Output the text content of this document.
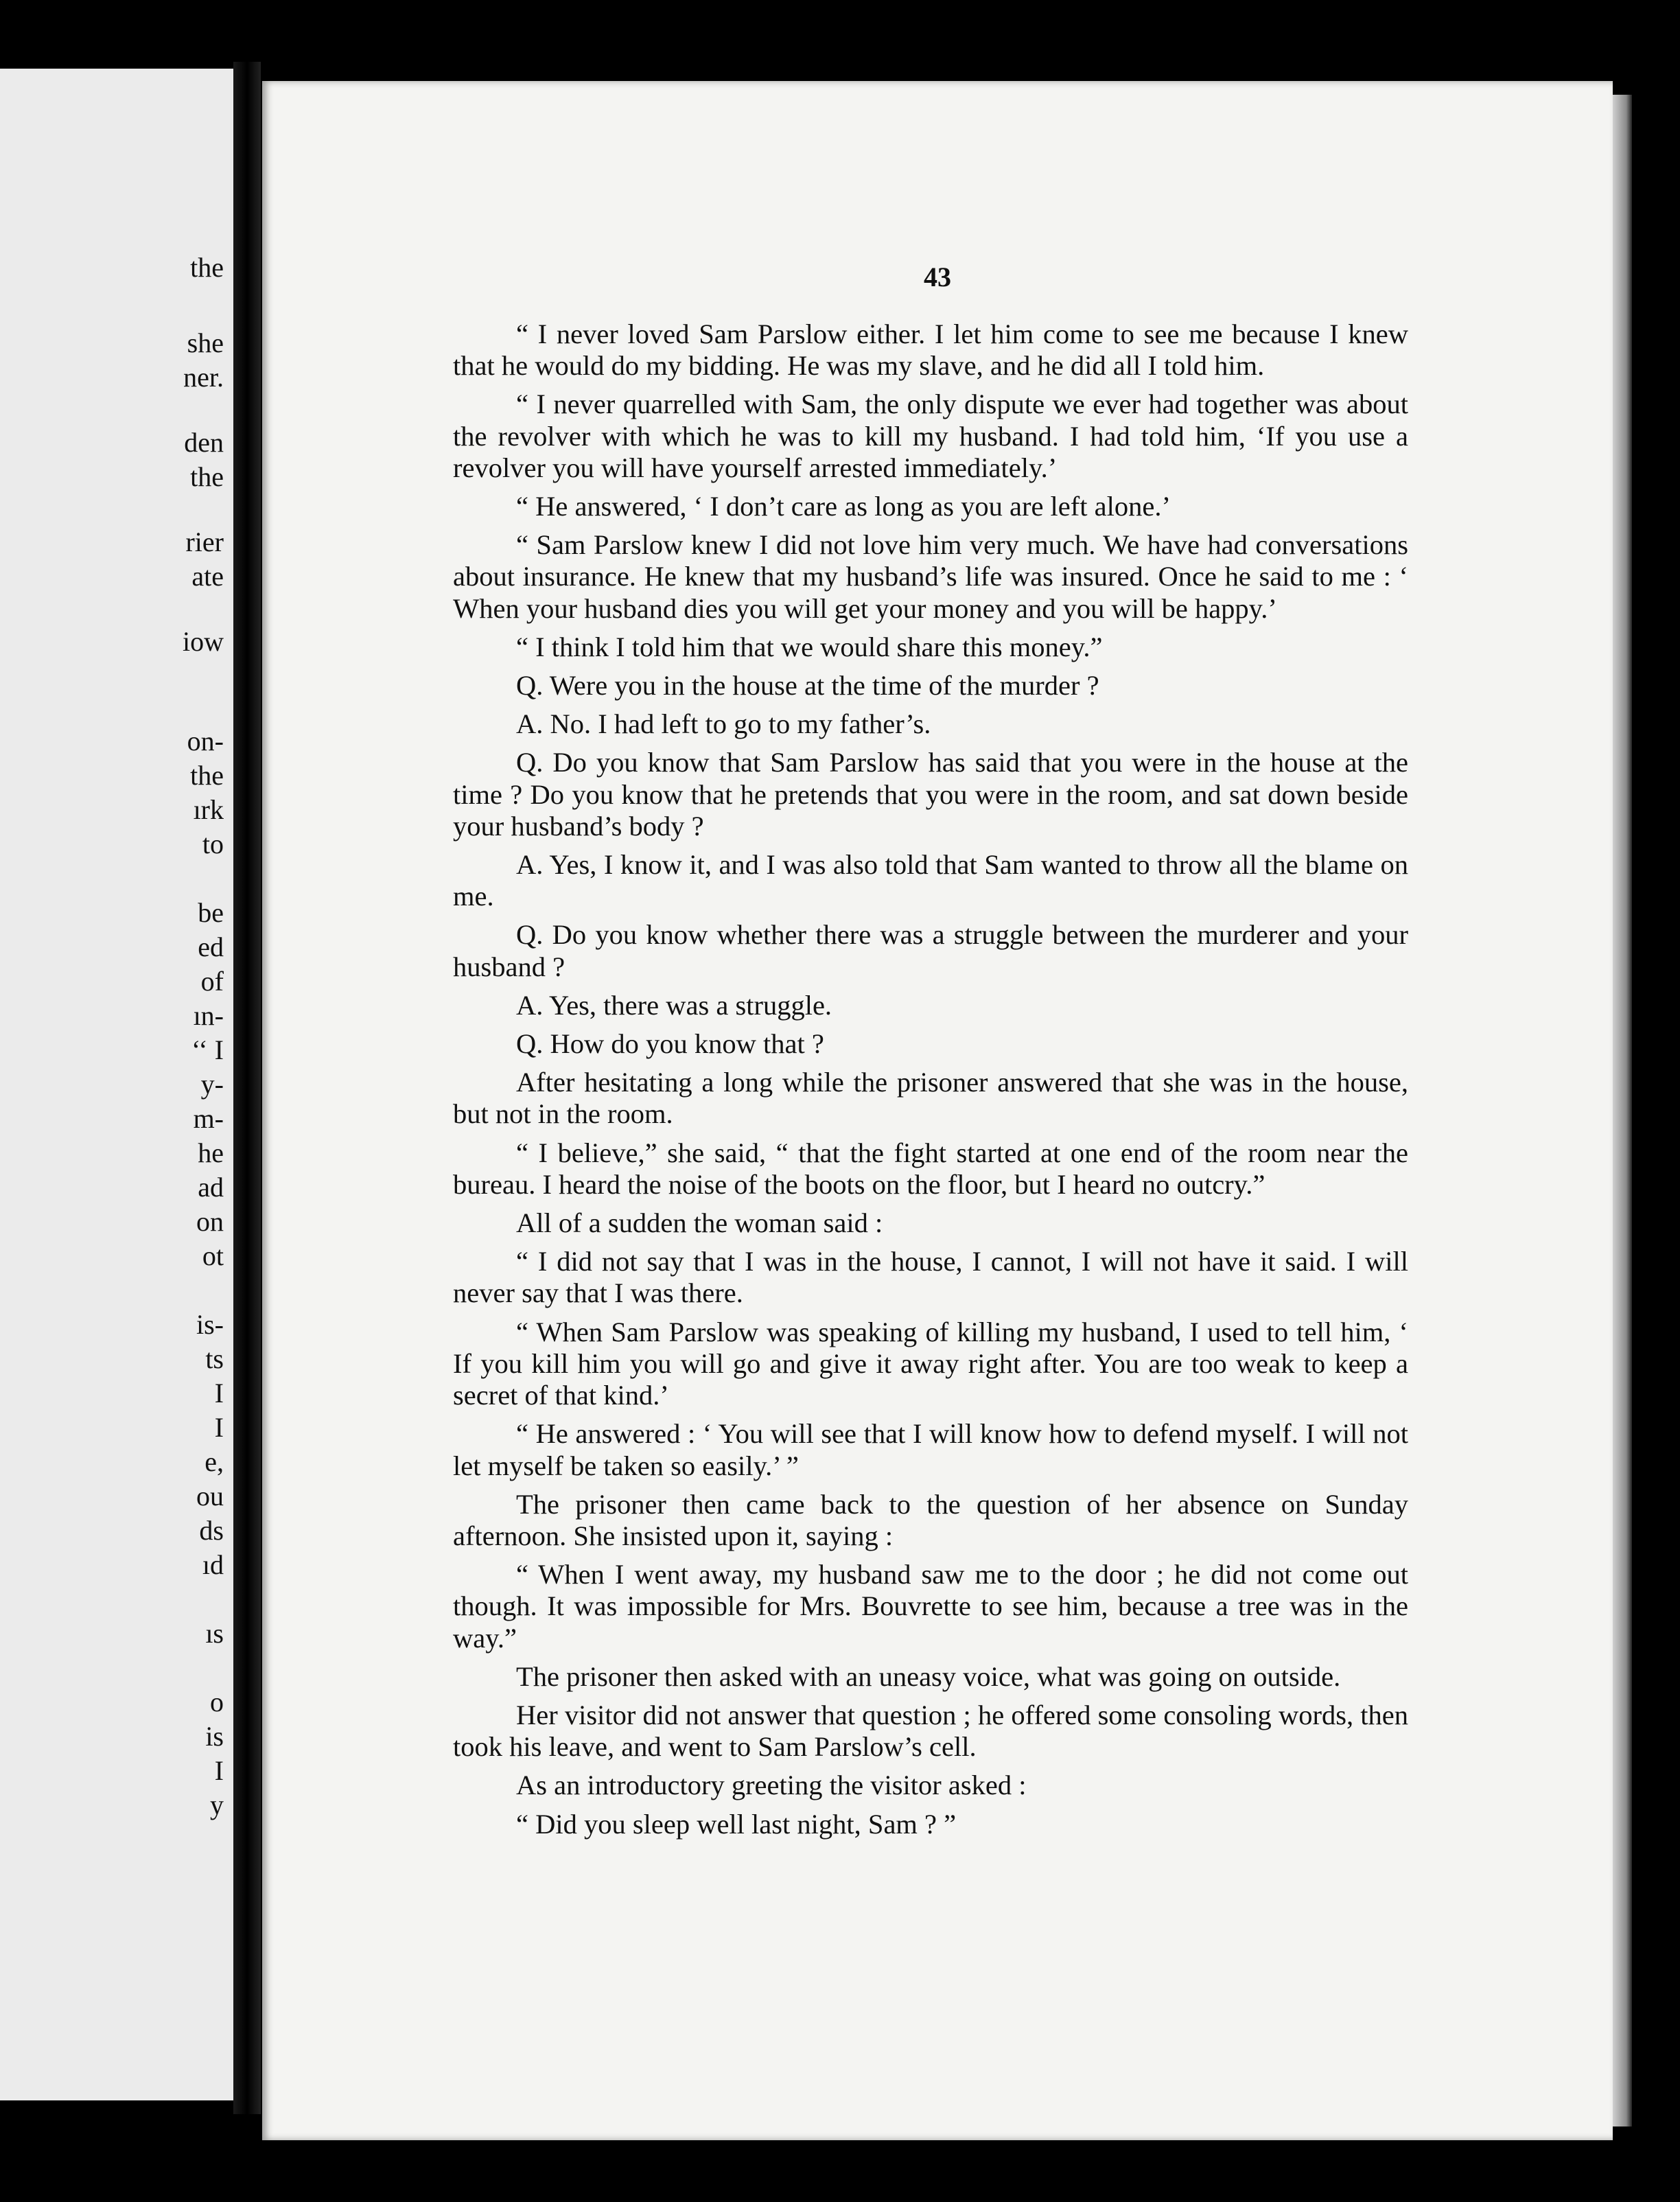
the
she
ner.
den
the
rier
ate
iow
on-
the
ırk
to
be
ed
of
ın-
‘‘ I
y-
m-
he
ad
on
ot
is-
ts
I
I
e,
ou
ds
ıd
ıs
o
is
I
y
43

“ I never loved Sam Parslow either. I let him come to see me because I knew that he would do my bidding. He was my slave, and he did all I told him.

“ I never quarrelled with Sam, the only dispute we ever had together was about the revolver with which he was to kill my husband. I had told him, ‘If you use a revolver you will have yourself arrested immediately.’

“ He answered, ‘ I don’t care as long as you are left alone.’

“ Sam Parslow knew I did not love him very much. We have had conversations about insurance. He knew that my husband’s life was insured. Once he said to me : ‘ When your husband dies you will get your money and you will be happy.’

“ I think I told him that we would share this money.”

Q. Were you in the house at the time of the murder ?

A. No. I had left to go to my father’s.

Q. Do you know that Sam Parslow has said that you were in the house at the time ? Do you know that he pretends that you were in the room, and sat down beside your husband’s body ?

A. Yes, I know it, and I was also told that Sam wanted to throw all the blame on me.

Q. Do you know whether there was a struggle between the murderer and your husband ?

A. Yes, there was a struggle.

Q. How do you know that ?

After hesitating a long while the prisoner answered that she was in the house, but not in the room.

“ I believe,” she said, “ that the fight started at one end of the room near the bureau. I heard the noise of the boots on the floor, but I heard no outcry.”

All of a sudden the woman said :

“ I did not say that I was in the house, I cannot, I will not have it said. I will never say that I was there.

“ When Sam Parslow was speaking of killing my husband, I used to tell him, ‘ If you kill him you will go and give it away right after. You are too weak to keep a secret of that kind.’

“ He answered : ‘ You will see that I will know how to defend myself. I will not let myself be taken so easily.’ ”

The prisoner then came back to the question of her absence on Sunday afternoon. She insisted upon it, saying :

“ When I went away, my husband saw me to the door ; he did not come out though. It was impossible for Mrs. Bouvrette to see him, because a tree was in the way.”

The prisoner then asked with an uneasy voice, what was going on outside.

Her visitor did not answer that question ; he offered some consoling words, then took his leave, and went to Sam Parslow’s cell.

As an introductory greeting the visitor asked :

“ Did you sleep well last night, Sam ? ”
